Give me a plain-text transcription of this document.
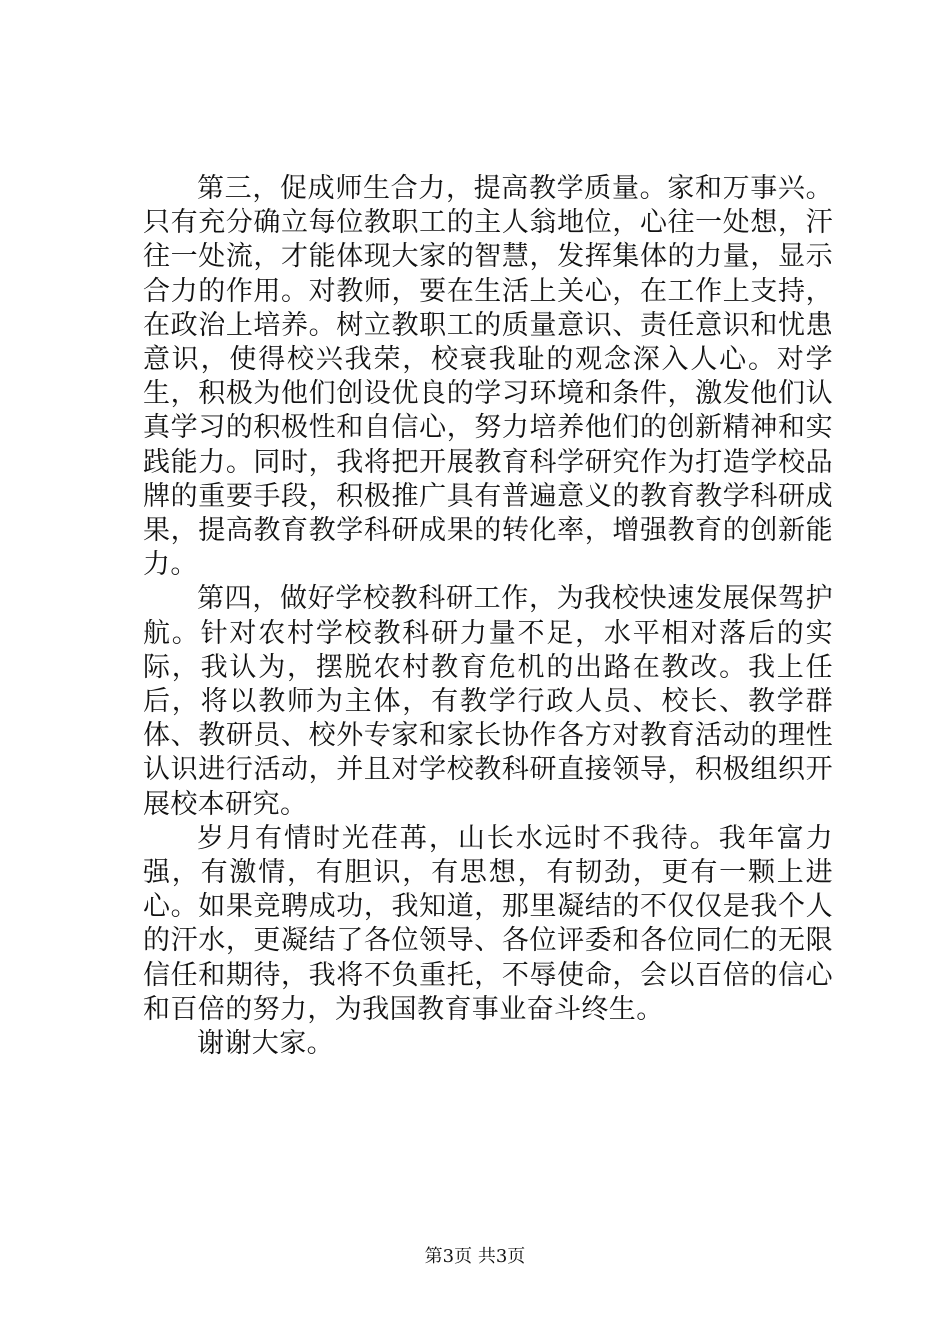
第三，促成师生合力，提高教学质量。家和万事兴。只有充分确立每位教职工的主人翁地位，心往一处想，汗往一处流，才能体现大家的智慧，发挥集体的力量，显示合力的作用。对教师，要在生活上关心，在工作上支持，在政治上培养。树立教职工的质量意识、责任意识和忧患意识，使得校兴我荣，校衰我耻的观念深入人心。对学生，积极为他们创设优良的学习环境和条件，激发他们认真学习的积极性和自信心，努力培养他们的创新精神和实践能力。同时，我将把开展教育科学研究作为打造学校品牌的重要手段，积极推广具有普遍意义的教育教学科研成果，提高教育教学科研成果的转化率，增强教育的创新能力。

第四，做好学校教科研工作，为我校快速发展保驾护航。针对农村学校教科研力量不足，水平相对落后的实际，我认为，摆脱农村教育危机的出路在教改。我上任后，将以教师为主体，有教学行政人员、校长、教学群体、教研员、校外专家和家长协作各方对教育活动的理性认识进行活动，并且对学校教科研直接领导，积极组织开展校本研究。

岁月有情时光荏苒，山长水远时不我待。我年富力强，有激情，有胆识，有思想，有韧劲，更有一颗上进心。如果竞聘成功，我知道，那里凝结的不仅仅是我个人的汗水，更凝结了各位领导、各位评委和各位同仁的无限信任和期待，我将不负重托，不辱使命，会以百倍的信心和百倍的努力，为我国教育事业奋斗终生。

谢谢大家。

第3页 共3页
